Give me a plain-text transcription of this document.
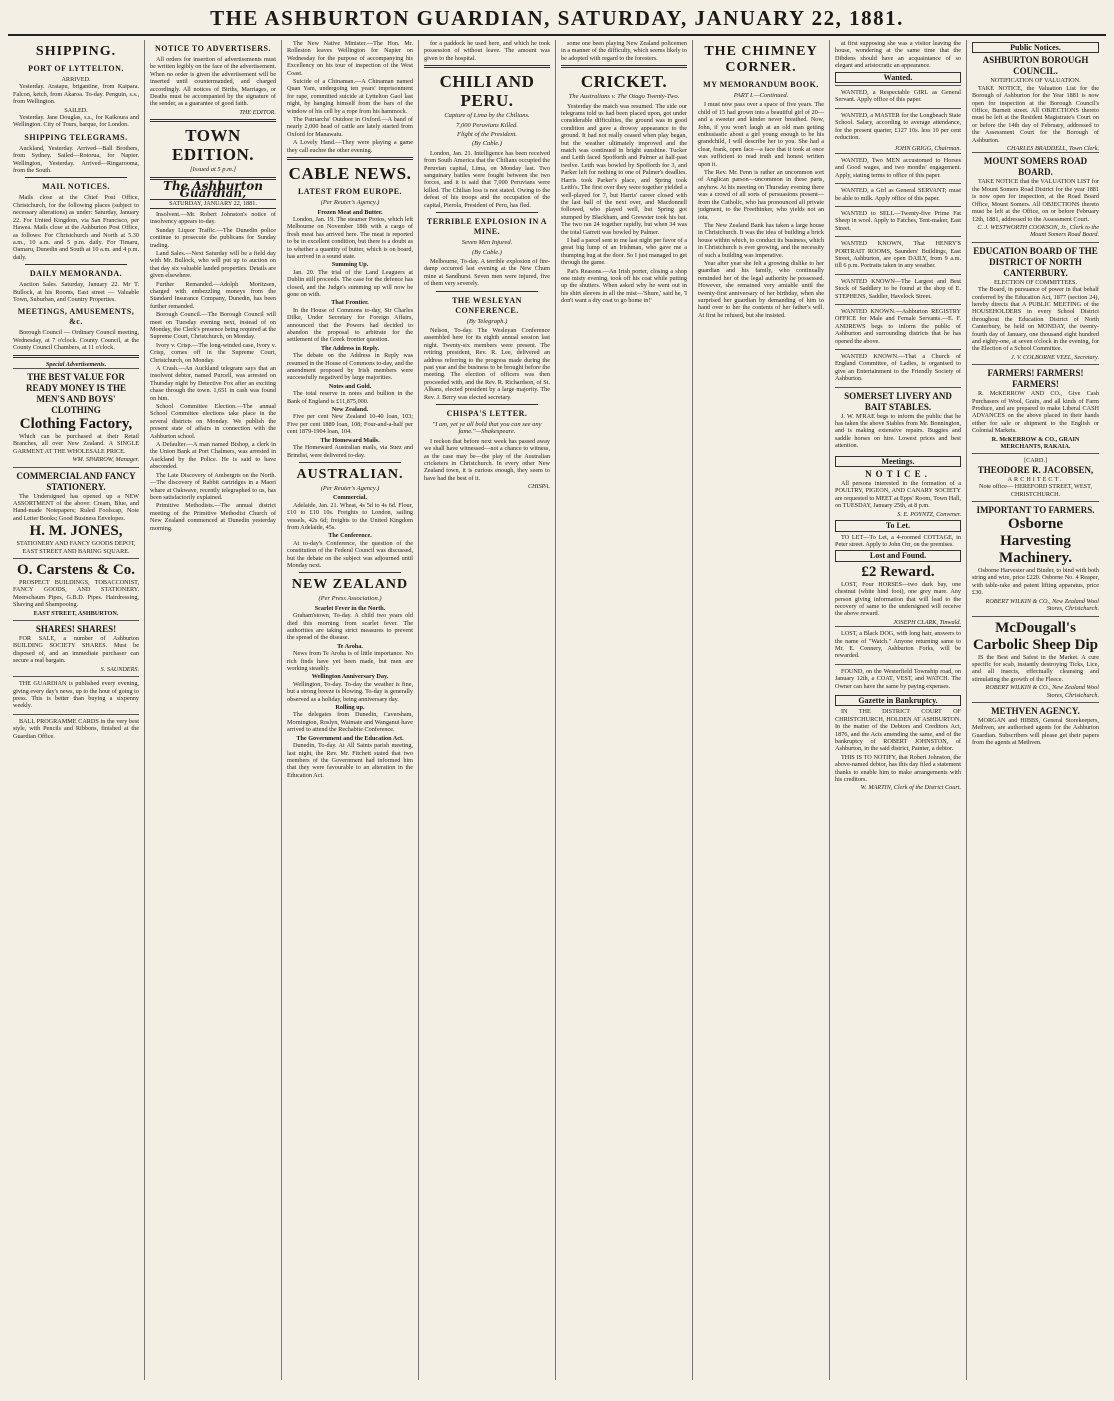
THE ASHBURTON GUARDIAN, SATURDAY, JANUARY 22, 1881.
SHIPPING.
PORT OF LYTTELTON.
ARRIVED.

Yesterday. Aratapu, brigantine, from Kaipara. Falcon, ketch, from Akaroa. To-day. Penguin, s.s., from Wellington.

SAILED.

Yesterday. Jane Douglas, s.s., for Kaikoura and Wellington. City of Tours, barque, for London.

SHIPPING TELEGRAMS.

Auckland, Yesterday. Arrived—Ball Brothers, from Sydney. Sailed—Rotorua, for Napier. Wellington, Yesterday. Arrived—Ringarooma, from the South.

MAIL NOTICES.

Mails close at the Chief Post Office, Christchurch, for the following places (subject to necessary alterations) as under: Saturday, January 22. For United Kingdom, via San Francisco, per Hawea. Mails close at the Ashburton Post Office, as follows: For Christchurch and North at 5.30 a.m., 10 a.m. and 5 p.m. daily. For Timaru, Oamaru, Dunedin and South at 10 a.m. and 4 p.m. daily.

DAILY MEMORANDA.

Auction Sales. Saturday, January 22. Mr T. Bullock, at his Rooms, East street — Valuable Town, Suburban, and Country Properties.

MEETINGS, AMUSEMENTS, &c.

Borough Council — Ordinary Council meeting, Wednesday, at 7 o'clock. County Council, at the County Council Chambers, at 11 o'clock.

Special Advertisements.
THE BEST VALUE FOR READY MONEY IS THE MEN'S AND BOYS' CLOTHING
Clothing Factory,

Which can be purchased at their Retail Branches, all over New Zealand. A SINGLE GARMENT AT THE WHOLESALE PRICE.

WM. SPARROW, Manager.
COMMERCIAL AND FANCY STATIONERY.

The Undersigned has opened up a NEW ASSORTMENT of the above: Cream, Blue, and Hand-made Notepapers; Ruled Foolscap, Note and Letter Books; Good Business Envelopes.

H. M. JONES,
STATIONERY AND FANCY GOODS DEPOT, EAST STREET AND BARING SQUARE.
O. Carstens & Co.

PROSPECT BUILDINGS, TOBACCONIST, FANCY GOODS, AND STATIONERY. Meerschaum Pipes, G.B.D. Pipes. Hairdressing, Shaving and Shampooing.

EAST STREET, ASHBURTON.
SHARES! SHARES!

FOR SALE, a number of Ashburton BUILDING SOCIETY SHARES. Must be disposed of, and an immediate purchaser can secure a real bargain.

S. SAUNDERS.

THE GUARDIAN is published every evening, giving every day's news, up to the hour of going to press. This is better than buying a sixpenny weekly.

BALL PROGRAMME CARDS in the very best style, with Pencils and Ribbons, finished at the Guardian Office.

NOTICE TO ADVERTISERS.

All orders for insertion of advertisements must be written legibly on the face of the advertisement. When no order is given the advertisement will be inserted until countermanded, and charged accordingly. All notices of Births, Marriages, or Deaths must be accompanied by the signature of the sender, as a guarantee of good faith.

THE EDITOR.
TOWN EDITION.
[Issued at 5 p.m.]
The Ashburton Guardian,
SATURDAY, JANUARY 22, 1881.

Insolvent.—Mr. Robert Johnston's notice of insolvency appears to-day.

Sunday Liquor Traffic.—The Dunedin police continue to prosecute the publicans for Sunday trading.

Land Sales.—Next Saturday will be a field day with Mr. Bullock, who will put up to auction on that day six valuable landed properties. Details are given elsewhere.

Further Remanded.—Adolph Moritzsen, charged with embezzling moneys from the Standard Insurance Company, Dunedin, has been further remanded.

Borough Council.—The Borough Council will meet on Tuesday evening next, instead of on Monday, the Clerk's presence being required at the Supreme Court, Christchurch, on Monday.

Ivory v. Crisp.—The long-winded case, Ivory v. Crisp, comes off in the Supreme Court, Christchurch, on Monday.

A Crash.—An Auckland telegram says that an insolvent debtor, named Purcell, was arrested on Thursday night by Detective Fox after an exciting chase through the town. 1,651 in cash was found on him.

School Committee Election.—The annual School Committee elections take place in the several districts on Monday. We publish the present state of affairs in connection with the Ashburton school.

A Defaulter.—A man named Bishop, a clerk in the Union Bank at Port Chalmers, was arrested in Auckland by the Police. He is said to have absconded.

The Late Discovery of Ambergris on the North.—The discovery of Rabbit cartridges in a Maori whare at Oakwave, recently telegraphed to us, has been satisfactorily explained.

Primitive Methodists.—The annual district meeting of the Primitive Methodist Church of New Zealand commenced at Dunedin yesterday morning.

The New Native Minister.—The Hon. Mr. Rolleston leaves Wellington for Napier on Wednesday for the purpose of accompanying his Excellency on his tour of inspection of the West Coast.

Suicide of a Chinaman.—A Chinaman named Quan Yam, undergoing ten years' imprisonment for rape, committed suicide at Lyttelton Gaol last night, by hanging himself from the bars of the window of his cell by a rope from his hammock.

The Patriarchs' Outdoor in Oxford.—A band of nearly 2,000 head of cattle are lately started from Oxford for Manawatu.

A Lovely Hand.—They were playing a game they call euchre the other evening.

CABLE NEWS.
LATEST FROM EUROPE.
(Per Reuter's Agency.)
Frozen Meat and Butter.

London, Jan. 19. The steamer Protos, which left Melbourne on November 18th with a cargo of fresh meat has arrived here. The meat is reported to be in excellent condition, but there is a doubt as to whether a quantity of butter, which is on board, has arrived in a sound state.

Summing Up.

Jan. 20. The trial of the Land Leaguers at Dublin still proceeds. The case for the defence has closed, and the Judge's summing up will now be gone on with.

That Frontier.

In the House of Commons to-day, Sir Charles Dilke, Under Secretary for Foreign Affairs, announced that the Powers had decided to abandon the proposal to arbitrate for the settlement of the Greek frontier question.

The Address in Reply.

The debate on the Address in Reply was resumed in the House of Commons to-day, and the amendment proposed by Irish members were successfully negatived by large majorities.

Notes and Gold.

The total reserve in notes and bullion in the Bank of England is £11,875,000.

New Zealand.

Five per cent New Zealand 10-40 loan, 103; Five per cent 1889 loan, 108; Four-and-a-half per cent 1879-1904 loan, 104.

The Homeward Mails.

The Homeward Australian mails, via Suez and Brindisi, were delivered to-day.

AUSTRALIAN.
(Per Reuter's Agency.)
Commercial.

Adelaide, Jan. 21. Wheat, 4s 5d to 4s 6d. Flour, £10 to £10 10s. Freights to London, sailing vessels, 42s 6d; freights to the United Kingdom from Adelaide, 45s.

The Conference.

At to-day's Conference, the question of the constitution of the Federal Council was discussed, but the debate on the subject was adjourned until Monday next.

NEW ZEALAND
(Per Press Association.)
Scarlet Fever in the North.

Graham'stown, To-day. A child two years old died this morning from scarlet fever. The authorities are taking strict measures to prevent the spread of the disease.

Te Aroha.

News from Te Aroha is of little importance. No rich finds have yet been made, but men are working steadily.

Wellington Anniversary Day.

Wellington, To-day. To-day the weather is fine, but a strong breeze is blowing. To-day is generally observed as a holiday, being anniversary day.

Rolling up.

The delegates from Dunedin, Caversham, Mornington, Roslyn, Waimate and Wanganui have arrived to attend the Rechabite Conference.

The Government and the Education Act.

Dunedin, To-day. At All Saints parish meeting, last night, the Rev. Mr. Fitchett stated that two members of the Government had informed him that they were favourable to an alteration in the Education Act.

for a paddock he used here, and which he took possession of without leave. The amount was given to the hospital.

CHILI AND PERU.
Capture of Lima by the Chilians.
7,000 Peruvians Killed.
Flight of the President.
(By Cable.)

London, Jan. 21. Intelligence has been received from South America that the Chilians occupied the Peruvian capital, Lima, on Monday last. Two sanguinary battles were fought between the two forces, and it is said that 7,000 Peruvians were killed. The Chilian loss is not stated. Owing to the defeat of his troops and the occupation of the capital, Pierola, President of Peru, has fled.

TERRIBLE EXPLOSION IN A MINE.
Seven Men Injured.
(By Cable.)

Melbourne, To-day. A terrible explosion of fire-damp occurred last evening at the New Chum mine at Sandhurst. Seven men were injured, five of them very severely.

THE WESLEYAN CONFERENCE.
(By Telegraph.)

Nelson, To-day. The Wesleyan Conference assembled here for its eighth annual session last night. Twenty-six members were present. The retiring president, Rev. R. Lee, delivered an address referring to the progress made during the past year and the business to be brought before the meeting. The election of officers was then proceeded with, and the Rev. R. Richardson, of St. Albans, elected president by a large majority. The Rev. J. Berry was elected secretary.

CHISPA'S LETTER.
"I am, yet ye all bold that you can see any fame."—Shakespeare.

I reckon that before next week has passed away we shall have witnessed—not a chance to witness, as the case may be—the play of the Australian cricketers in Christchurch. In every other New Zealand town, it is curious enough, they seem to have had the best of it.

CHISPA.

some one been playing New Zealand policemen in a manner of the difficulty, which seems likely to be adopted with regard to the foresters.

CRICKET.
The Australians v. The Otago Twenty-Two.

Yesterday the match was resumed. The side our telegrams told us had been placed upon, got under considerable difficulties, the ground was in good condition and gave a drowsy appearance to the ground. It had not really ceased when play began, but the weather ultimately improved and the match was continued in bright sunshine. Tucker and Leith faced Spofforth and Palmer at half-past twelve. Leith was bowled by Spofforth for 3, and Parker left for nothing to one of Palmer's deadlies. Harris took Parker's place, and Spring took Leith's. The first over they were together yielded a well-played for 7, but Harris' career closed with the last ball of the next over, and Macdonnell followed, who played well, but Spring got stumped by Blackham, and Grewster took his bat. The two ran 24 together rapidly, but when 34 was the total Garrett was bowled by Palmer.

I had a parcel sent to me last night per favor of a great big lump of an Irishman, who gave me a thumping hug at the door. So I just managed to get through the game.

Pat's Reasons.—An Irish porter, closing a shop one misty evening, took off his coat while putting up the shutters. When asked why he went out in his shirt sleeves in all the mist—'Shure,' said he, 'I don't want a dry coat to go home in!'

THE CHIMNEY CORNER.
MY MEMORANDUM BOOK.
PART I.—Continued.

I must now pass over a space of five years. The child of 15 had grown into a beautiful girl of 20—and a sweeter and kinder never breathed. Now, John, if you won't laugh at an old man getting enthusiastic about a girl young enough to be his grandchild, I will describe her to you. She had a clear, frank, open face—a face that it took at once was sufficient to read truth and honest written upon it.

The Rev. Mr. Fenn is rather an uncommon sort of Anglican parson—uncommon in these parts, anyhow. At his meeting on Thursday evening there was a crowd of all sorts of persuasions present—from the Catholic, who has pronounced all private judgment, to the Freethinker, who yields not an iota.

The New Zealand Bank has taken a large house in Christchurch. It was the idea of building a brick house within which, to conduct its business, which in Christchurch is ever growing, and the necessity of such a building was imperative.

Year after year she felt a growing dislike to her guardian and his family, who continually reminded her of the legal authority he possessed. However, she remained very amiable until the twenty-first anniversary of her birthday, when she surprised her guardian by demanding of him to hand over to her the contents of her father's will. At first he refused, but she insisted.

at first supposing she was a visitor leaving the house, wondering at the same time that the Dibdens should have an acquaintance of so elegant and aristocratic an appearance.

Wanted.

WANTED, a Respectable GIRL as General Servant. Apply office of this paper.

WANTED, a MASTER for the Longbeach State School. Salary, according to average attendance, for the present quarter, £127 10s. less 10 per cent reduction.

JOHN GRIGG, Chairman.

WANTED, Two MEN accustomed to Horses and Good wages, and two months' engagement. Apply, stating terms to office of this paper.

WANTED, a Girl as General SERVANT; must be able to milk. Apply office of this paper.

WANTED to SELL—Twenty-five Prime Fat Sheep in wool. Apply to Fatches, Tent-maker, East Street.

WANTED KNOWN, That HENRY'S PORTRAIT ROOMS, Saunders' Buildings, East Street, Ashburton, are open DAILY, from 9 a.m. till 6 p.m. Portraits taken in any weather.

WANTED KNOWN—The Largest and Best Stock of Saddlery to be found at the shop of E. STEPHENS, Saddler, Havelock Street.

WANTED KNOWN.—Ashburton REGISTRY OFFICE for Male and Female Servants.—E. F. ANDREWS begs to inform the public of Ashburton and surrounding districts that he has opened the above.

WANTED KNOWN.—That a Church of England Committee, of Ladies, is organised to give an Entertainment to the Friendly Society of Ashburton.

SOMERSET LIVERY AND BAIT STABLES.

J. W. M'RAE begs to inform the public that he has taken the above Stables from Mr. Bonnington, and is making extensive repairs. Buggies and saddle horses on hire. Lowest prices and best attention.

Meetings.
NOTICE.

All persons interested in the formation of a POULTRY, PIGEON, AND CANARY SOCIETY are requested to MEET at Epps' Room, Town Hall, on TUESDAY, January 25th, at 8 p.m.

S. E. POYNTZ, Convener.
To Let.

TO LET—To Let, a 4-roomed COTTAGE, in Peter street. Apply to John Orr, on the premises.

Lost and Found.
£2 Reward.

LOST, Four HORSES—two dark bay, one chestnut (white hind foot), one grey mare. Any person giving information that will lead to the recovery of same to the undersigned will receive the above reward.

JOSEPH CLARK, Tinwald.

LOST, a Black DOG, with long hair, answers to the name of "Watch." Anyone returning same to Mr. E. Connery, Ashburton Forks, will be rewarded.

FOUND, on the Westerfield Township road, on January 12th, a COAT, VEST, and WATCH. The Owner can have the same by paying expenses.

Gazette in Bankruptcy.

IN THE DISTRICT COURT OF CHRISTCHURCH, HOLDEN AT ASHBURTON. In the matter of the Debtors and Creditors Act, 1876, and the Acts amending the same, and of the bankruptcy of ROBERT JOHNSTON, of Ashburton, in the said district, Painter, a debtor.

THIS IS TO NOTIFY, that Robert Johnston, the above-named debtor, has this day filed a statement thanks to enable him to make arrangements with his creditors.

W. MARTIN, Clerk of the District Court.
Public Notices.
ASHBURTON BOROUGH COUNCIL.
NOTIFICATION OF VALUATION.

TAKE NOTICE, the Valuation List for the Borough of Ashburton for the Year 1881 is now open for inspection at the Borough Council's Office, Burnett street. All OBJECTIONS thereto must be left at the Resident Magistrate's Court on or before the 14th day of February, addressed to the Assessment Court for the Borough of Ashburton.

CHARLES BRADDELL, Town Clerk.
MOUNT SOMERS ROAD BOARD.

TAKE NOTICE that the VALUATION LIST for the Mount Somers Road District for the year 1881 is now open for inspection, at the Road Board Office, Mount Somers. All OBJECTIONS thereto must be left at the Office, on or before February 12th, 1881, addressed to the Assessment Court.

C. J. WESTWORTH COOKSON, Jr., Clerk to the Mount Somers Road Board.
EDUCATION BOARD OF THE DISTRICT OF NORTH CANTERBURY.
ELECTION OF COMMITTEES.

The Board, in pursuance of power in that behalf conferred by the Education Act, 1877 (section 24), hereby directs that A PUBLIC MEETING of the HOUSEHOLDERS in every School District throughout the Education District of North Canterbury, be held on MONDAY, the twenty-fourth day of January, one thousand eight hundred and eighty-one, at seven o'clock in the evening, for the Election of a School Committee.

J. V. COLBORNE VEEL, Secretary.
FARMERS! FARMERS! FARMERS!

R. McKERROW AND CO., Give Cash Purchasers of Wool, Grain, and all kinds of Farm Produce, and are prepared to make Liberal CASH ADVANCES on the above placed in their hands either for sale or shipment to the English or Colonial Markets.

R. McKERROW & CO., GRAIN MERCHANTS, RAKAIA.
[CARD.]
THEODORE R. JACOBSEN,
ARCHITECT.
Note office— HEREFORD STREET, WEST, CHRISTCHURCH.
IMPORTANT TO FARMERS.
Osborne Harvesting Machinery.

Osborne Harvester and Binder, to bind with both string and wire, price £220. Osborne No. 4 Reaper, with table-rake and patent lifting apparatus, price £30.

ROBERT WILKIN & CO., New Zealand Wool Stores, Christchurch.
McDougall's Carbolic Sheep Dip

IS the Best and Safest in the Market. A cure specific for scab, instantly destroying Ticks, Lice, and all insects, effectually cleansing and stimulating the growth of the Fleece.

ROBERT WILKIN & CO., New Zealand Wool Stores, Christchurch.
METHVEN AGENCY.

MORGAN and HIBBS, General Storekeepers, Methven, are authorised agents for the Ashburton Guardian. Subscribers will please get their papers from the agents at Methven.
